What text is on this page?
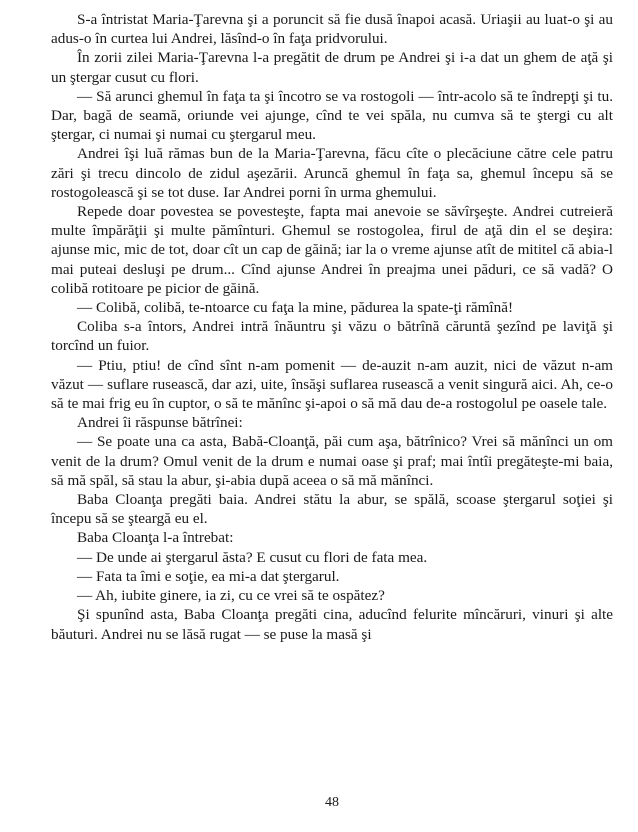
S-a întristat Maria-Ţarevna şi a poruncit să fie dusă înapoi acasă. Uriaşii au luat-o şi au adus-o în curtea lui Andrei, lăsînd-o în faţa pridvorului.

În zorii zilei Maria-Ţarevna l-a pregătit de drum pe Andrei şi i-a dat un ghem de aţă şi un ştergar cusut cu flori.

— Să arunci ghemul în faţa ta şi încotro se va rostogoli — într-acolo să te îndrepţi şi tu. Dar, bagă de seamă, oriunde vei ajunge, cînd te vei spăla, nu cumva să te ştergi cu alt ştergar, ci numai şi numai cu ştergarul meu.

Andrei îşi luă rămas bun de la Maria-Ţarevna, făcu cîte o plecăciune către cele patru zări şi trecu dincolo de zidul aşezării. Aruncă ghemul în faţa sa, ghemul începu să se rostogolească şi se tot duse. Iar Andrei porni în urma ghemului.

Repede doar povestea se povesteşte, fapta mai anevoie se săvîrşeşte. Andrei cutreieră multe împărăţii şi multe pămînturi. Ghemul se rostogolea, firul de aţă din el se deşira: ajunse mic, mic de tot, doar cît un cap de găină; iar la o vreme ajunse atît de mititel că abia-l mai puteai desluşi pe drum... Cînd ajunse Andrei în preajma unei păduri, ce să vadă? O colibă rotitoare pe picior de găină.

— Colibă, colibă, te-ntoarce cu faţa la mine, pădurea la spate-ţi rămînă!

Coliba s-a întors, Andrei intră înăuntru şi văzu o bătrînă căruntă şezînd pe laviţă şi torcînd un fuior.

— Ptiu, ptiu! de cînd sînt n-am pomenit — de-auzit n-am auzit, nici de văzut n-am văzut — suflare rusească, dar azi, uite, însăşi suflarea rusească a venit singură aici. Ah, ce-o să te mai frig eu în cuptor, o să te mănînc şi-apoi o să mă dau de-a rostogolul pe oasele tale.

Andrei îi răspunse bătrînei:

— Se poate una ca asta, Babă-Cloanţă, păi cum aşa, bătrînico? Vrei să mănînci un om venit de la drum? Omul venit de la drum e numai oase şi praf; mai întîi pregăteşte-mi baia, să mă spăl, să stau la abur, şi-abia după aceea o să mă mănînci.

Baba Cloanţa pregăti baia. Andrei stătu la abur, se spălă, scoase ştergarul soţiei şi începu să se şteargă eu el.

Baba Cloanţa l-a întrebat:

— De unde ai ştergarul ăsta? E cusut cu flori de fata mea.

— Fata ta îmi e soţie, ea mi-a dat ştergarul.

— Ah, iubite ginere, ia zi, cu ce vrei să te ospătez?

Şi spunînd asta, Baba Cloanţa pregăti cina, aducînd felurite mîncăruri, vinuri şi alte băuturi. Andrei nu se lăsă rugat — se puse la masă şi

48
